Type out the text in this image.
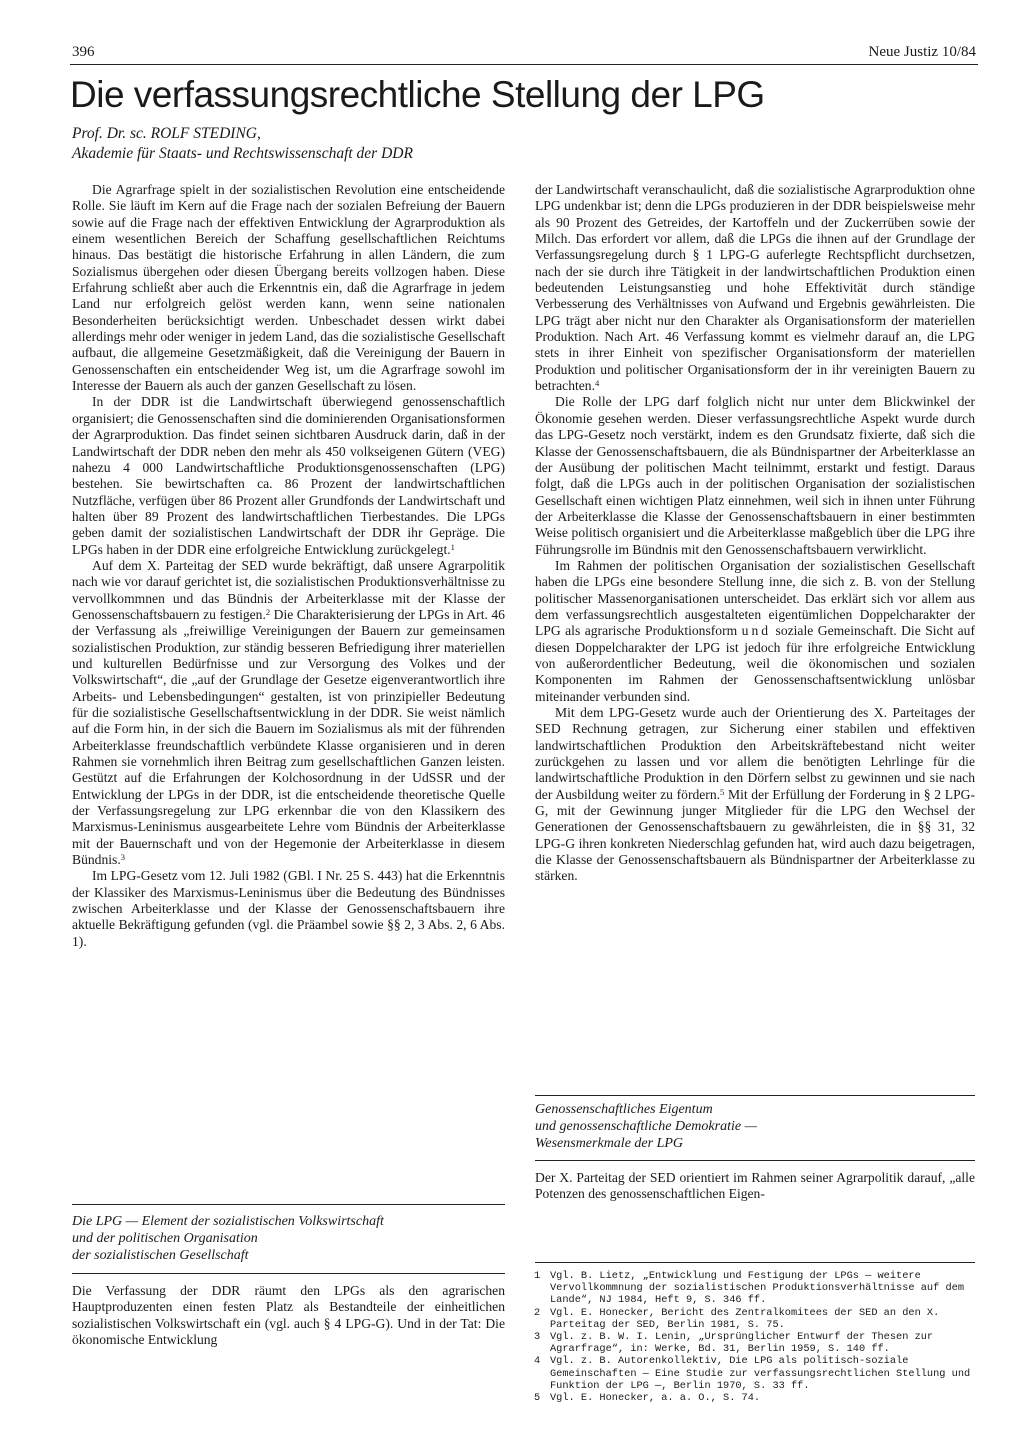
396	Neue Justiz 10/84
Die verfassungsrechtliche Stellung der LPG
Prof. Dr. sc. ROLF STEDING,
Akademie für Staats- und Rechtswissenschaft der DDR

Die Agrarfrage spielt in der sozialistischen Revolution eine entscheidende Rolle. Sie läuft im Kern auf die Frage nach der sozialen Befreiung der Bauern sowie auf die Frage nach der effektiven Entwicklung der Agrarproduktion als einem wesentlichen Bereich der Schaffung gesellschaftlichen Reichtums hinaus. Das bestätigt die historische Erfahrung in allen Ländern, die zum Sozialismus übergehen oder diesen Übergang bereits vollzogen haben. Diese Erfahrung schließt aber auch die Erkenntnis ein, daß die Agrarfrage in jedem Land nur erfolgreich gelöst werden kann, wenn seine nationalen Besonderheiten berücksichtigt werden. Unbeschadet dessen wirkt dabei allerdings mehr oder weniger in jedem Land, das die sozialistische Gesellschaft aufbaut, die allgemeine Gesetzmäßigkeit, daß die Vereinigung der Bauern in Genossenschaften ein entscheidender Weg ist, um die Agrarfrage sowohl im Interesse der Bauern als auch der ganzen Gesellschaft zu lösen.

In der DDR ist die Landwirtschaft überwiegend genossenschaftlich organisiert; die Genossenschaften sind die dominierenden Organisationsformen der Agrarproduktion. Das findet seinen sichtbaren Ausdruck darin, daß in der Landwirtschaft der DDR neben den mehr als 450 volkseigenen Gütern (VEG) nahezu 4 000 Landwirtschaftliche Produktionsgenossenschaften (LPG) bestehen. Sie bewirtschaften ca. 86 Prozent der landwirtschaftlichen Nutzfläche, verfügen über 86 Prozent aller Grundfonds der Landwirtschaft und halten über 89 Prozent des landwirtschaftlichen Tierbestandes. Die LPGs geben damit der sozialistischen Landwirtschaft der DDR ihr Gepräge. Die LPGs haben in der DDR eine erfolgreiche Entwicklung zurückgelegt.$^1$

Auf dem X. Parteitag der SED wurde bekräftigt, daß unsere Agrarpolitik nach wie vor darauf gerichtet ist, die sozialistischen Produktionsverhältnisse zu vervollkommnen und das Bündnis der Arbeiterklasse mit der Klasse der Genossenschaftsbauern zu festigen.$^2$ Die Charakterisierung der LPGs in Art. 46 der Verfassung als „freiwillige Vereinigungen der Bauern zur gemeinsamen sozialistischen Produktion, zur ständig besseren Befriedigung ihrer materiellen und kulturellen Bedürfnisse und zur Versorgung des Volkes und der Volkswirtschaft“, die „auf der Grundlage der Gesetze eigenverantwortlich ihre Arbeits- und Lebensbedingungen“ gestalten, ist von prinzipieller Bedeutung für die sozialistische Gesellschaftsentwicklung in der DDR. Sie weist nämlich auf die Form hin, in der sich die Bauern im Sozialismus als mit der führenden Arbeiterklasse freundschaftlich verbündete Klasse organisieren und in deren Rahmen sie vornehmlich ihren Beitrag zum gesellschaftlichen Ganzen leisten. Gestützt auf die Erfahrungen der Kolchosordnung in der UdSSR und der Entwicklung der LPGs in der DDR, ist die entscheidende theoretische Quelle der Verfassungsregelung zur LPG erkennbar die von den Klassikern des Marxismus-Leninismus ausgearbeitete Lehre vom Bündnis der Arbeiterklasse mit der Bauernschaft und von der Hegemonie der Arbeiterklasse in diesem Bündnis.$^3$

Im LPG-Gesetz vom 12. Juli 1982 (GBl. I Nr. 25 S. 443) hat die Erkenntnis der Klassiker des Marxismus-Leninismus über die Bedeutung des Bündnisses zwischen Arbeiterklasse und der Klasse der Genossenschaftsbauern ihre aktuelle Bekräftigung gefunden (vgl. die Präambel sowie §§ 2, 3 Abs. 2, 6 Abs. 1).

Die LPG — Element der sozialistischen Volkswirtschaft
und der politischen Organisation
der sozialistischen Gesellschaft

Die Verfassung der DDR räumt den LPGs als den agrarischen Hauptproduzenten einen festen Platz als Bestandteile der einheitlichen sozialistischen Volkswirtschaft ein (vgl. auch § 4 LPG-G). Und in der Tat: Die ökonomische Entwicklung

der Landwirtschaft veranschaulicht, daß die sozialistische Agrarproduktion ohne LPG undenkbar ist; denn die LPGs produzieren in der DDR beispielsweise mehr als 90 Prozent des Getreides, der Kartoffeln und der Zuckerrüben sowie der Milch. Das erfordert vor allem, daß die LPGs die ihnen auf der Grundlage der Verfassungsregelung durch § 1 LPG-G auferlegte Rechtspflicht durchsetzen, nach der sie durch ihre Tätigkeit in der landwirtschaftlichen Produktion einen bedeutenden Leistungsanstieg und hohe Effektivität durch ständige Verbesserung des Verhältnisses von Aufwand und Ergebnis gewährleisten. Die LPG trägt aber nicht nur den Charakter als Organisationsform der materiellen Produktion. Nach Art. 46 Verfassung kommt es vielmehr darauf an, die LPG stets in ihrer Einheit von spezifischer Organisationsform der materiellen Produktion und politischer Organisationsform der in ihr vereinigten Bauern zu betrachten.$^4$

Die Rolle der LPG darf folglich nicht nur unter dem Blickwinkel der Ökonomie gesehen werden. Dieser verfassungsrechtliche Aspekt wurde durch das LPG-Gesetz noch verstärkt, indem es den Grundsatz fixierte, daß sich die Klasse der Genossenschaftsbauern, die als Bündnispartner der Arbeiterklasse an der Ausübung der politischen Macht teilnimmt, erstarkt und festigt. Daraus folgt, daß die LPGs auch in der politischen Organisation der sozialistischen Gesellschaft einen wichtigen Platz einnehmen, weil sich in ihnen unter Führung der Arbeiterklasse die Klasse der Genossenschaftsbauern in einer bestimmten Weise politisch organisiert und die Arbeiterklasse maßgeblich über die LPG ihre Führungsrolle im Bündnis mit den Genossenschaftsbauern verwirklicht.

Im Rahmen der politischen Organisation der sozialistischen Gesellschaft haben die LPGs eine besondere Stellung inne, die sich z. B. von der Stellung politischer Massenorganisationen unterscheidet. Das erklärt sich vor allem aus dem verfassungsrechtlich ausgestalteten eigentümlichen Doppelcharakter der LPG als agrarische Produktionsform und soziale Gemeinschaft. Die Sicht auf diesen Doppelcharakter der LPG ist jedoch für ihre erfolgreiche Entwicklung von außerordentlicher Bedeutung, weil die ökonomischen und sozialen Komponenten im Rahmen der Genossenschaftsentwicklung unlösbar miteinander verbunden sind.

Mit dem LPG-Gesetz wurde auch der Orientierung des X. Parteitages der SED Rechnung getragen, zur Sicherung einer stabilen und effektiven landwirtschaftlichen Produktion den Arbeitskräftebestand nicht weiter zurückgehen zu lassen und vor allem die benötigten Lehrlinge für die landwirtschaftliche Produktion in den Dörfern selbst zu gewinnen und sie nach der Ausbildung weiter zu fördern.$^5$ Mit der Erfüllung der Forderung in § 2 LPG-G, mit der Gewinnung junger Mitglieder für die LPG den Wechsel der Generationen der Genossenschaftsbauern zu gewährleisten, die in §§ 31, 32 LPG-G ihren konkreten Niederschlag gefunden hat, wird auch dazu beigetragen, die Klasse der Genossenschaftsbauern als Bündnispartner der Arbeiterklasse zu stärken.

Genossenschaftliches Eigentum
und genossenschaftliche Demokratie —
Wesensmerkmale der LPG

Der X. Parteitag der SED orientiert im Rahmen seiner Agrarpolitik darauf, „alle Potenzen des genossenschaftlichen Eigen-

1 Vgl. B. Lietz, „Entwicklung und Festigung der LPGs — weitere Vervollkommnung der sozialistischen Produktionsverhältnisse auf dem Lande“, NJ 1984, Heft 9, S. 346 ff.
2 Vgl. E. Honecker, Bericht des Zentralkomitees der SED an den X. Parteitag der SED, Berlin 1981, S. 75.
3 Vgl. z. B. W. I. Lenin, „Ursprünglicher Entwurf der Thesen zur Agrarfrage“, in: Werke, Bd. 31, Berlin 1959, S. 140 ff.
4 Vgl. z. B. Autorenkollektiv, Die LPG als politisch-soziale Gemeinschaften — Eine Studie zur verfassungsrechtlichen Stellung und Funktion der LPG —, Berlin 1970, S. 33 ff.
5 Vgl. E. Honecker, a. a. O., S. 74.
